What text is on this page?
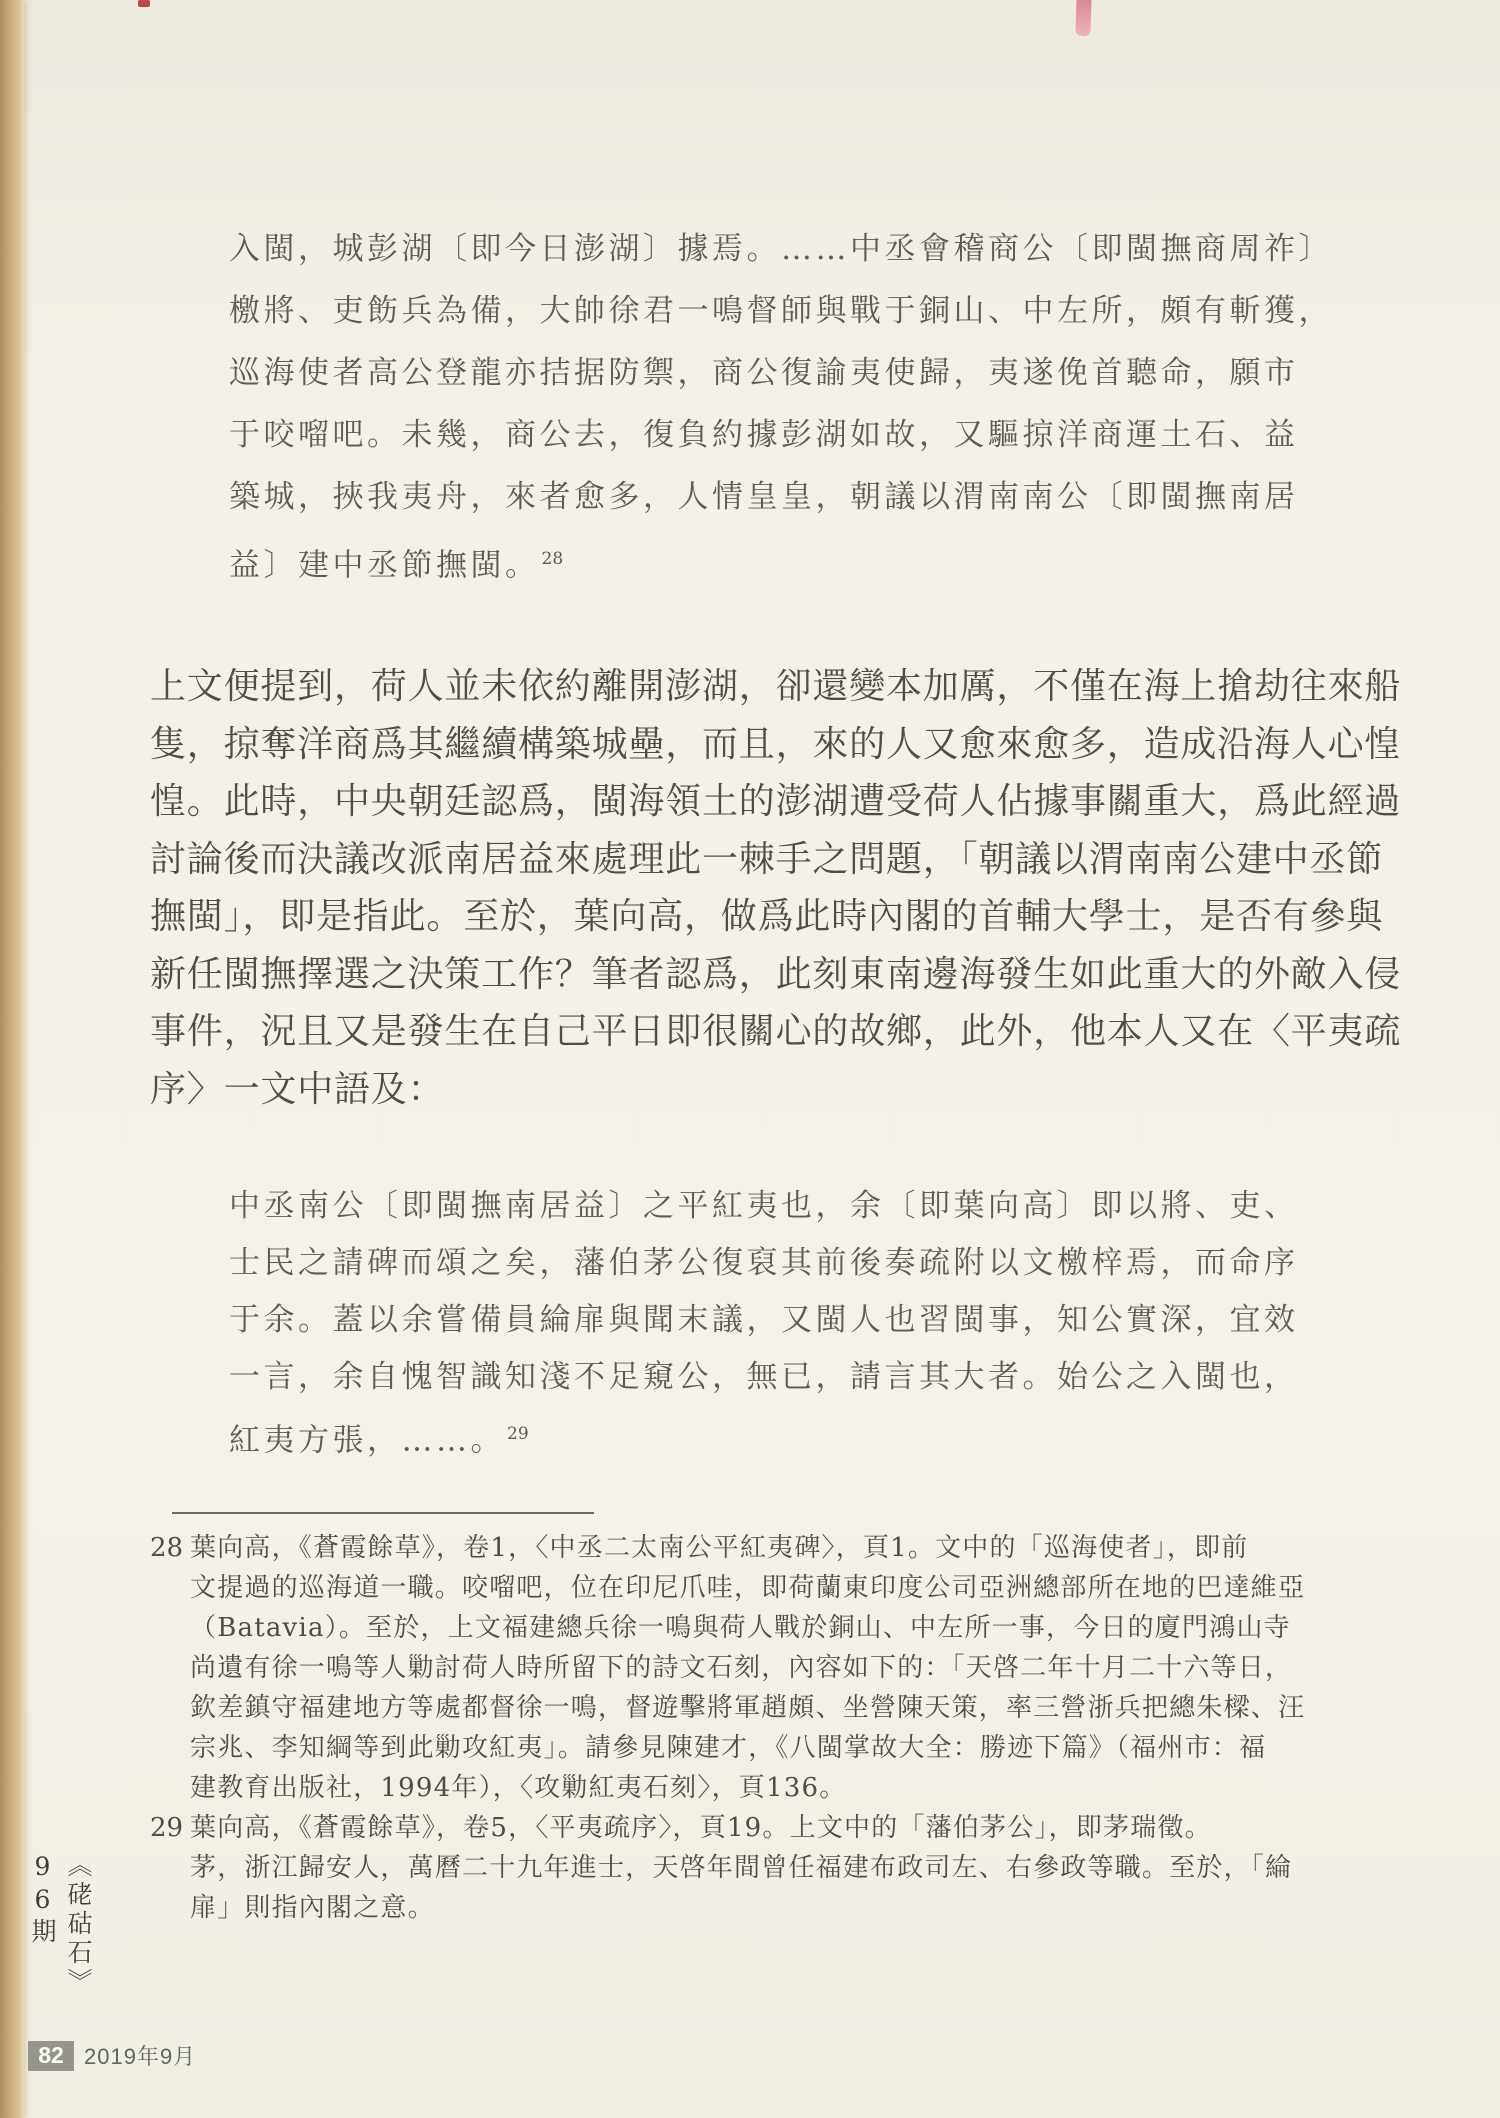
入閩，城彭湖〔即今日澎湖〕據焉。……中丞會稽商公〔即閩撫商周祚〕
檄將、吏飭兵為備，大帥徐君一鳴督師與戰于銅山、中左所，頗有斬獲，
巡海使者高公登龍亦拮据防禦，商公復諭夷使歸，夷遂俛首聽命，願市
于咬𠺕吧。未幾，商公去，復負約據彭湖如故，又驅掠洋商運土石、益
築城，挾我夷舟，來者愈多，人情皇皇，朝議以渭南南公〔即閩撫南居
益〕建中丞節撫閩。 $^{28}$
上文便提到，荷人並未依約離開澎湖，卻還變本加厲，不僅在海上搶劫往來船
隻，掠奪洋商爲其繼續構築城壘，而且，來的人又愈來愈多，造成沿海人心惶
惶。此時，中央朝廷認爲，閩海領土的澎湖遭受荷人佔據事關重大，爲此經過
討論後而決議改派南居益來處理此一棘手之問題，「朝議以渭南南公建中丞節
撫閩」，即是指此。至於，葉向高，做爲此時內閣的首輔大學士，是否有參與
新任閩撫擇選之決策工作？筆者認爲，此刻東南邊海發生如此重大的外敵入侵
事件，況且又是發生在自己平日即很關心的故鄉，此外，他本人又在〈平夷疏
序〉一文中語及：
中丞南公〔即閩撫南居益〕之平紅夷也，余〔即葉向高〕即以將、吏、
士民之請碑而頌之矣，藩伯茅公復裒其前後奏疏附以文檄梓焉，而命序
于余。蓋以余嘗備員綸扉與聞末議，又閩人也習閩事，知公實深，宜效
一言，余自愧智識知淺不足窺公，無已，請言其大者。始公之入閩也，
紅夷方張，……。 $^{29}$
28 葉向高，《蒼霞餘草》，卷1，〈中丞二太南公平紅夷碑〉，頁1。文中的「巡海使者」，即前
文提過的巡海道一職。咬𠺕吧，位在印尼爪哇，即荷蘭東印度公司亞洲總部所在地的巴達維亞
（Batavia）。至於，上文福建總兵徐一鳴與荷人戰於銅山、中左所一事，今日的廈門鴻山寺
尚遺有徐一鳴等人勦討荷人時所留下的詩文石刻，內容如下的：「天啓二年十月二十六等日，
欽差鎮守福建地方等處都督徐一鳴，督遊擊將軍趙頗、坐營陳天策，率三營浙兵把總朱樑、汪
宗兆、李知綱等到此勦攻紅夷」。請參見陳建才，《八閩掌故大全：勝迹下篇》（福州市：福
建教育出版社，1994年），〈攻勦紅夷石刻〉，頁136。
29 葉向高，《蒼霞餘草》，卷5，〈平夷疏序〉，頁19。上文中的「藩伯茅公」，即茅瑞徵。
茅，浙江歸安人，萬曆二十九年進士，天啓年間曾任福建布政司左、右參政等職。至於，「綸
扉」則指內閣之意。
《硓𥑮石》96期
82 2019年9月
